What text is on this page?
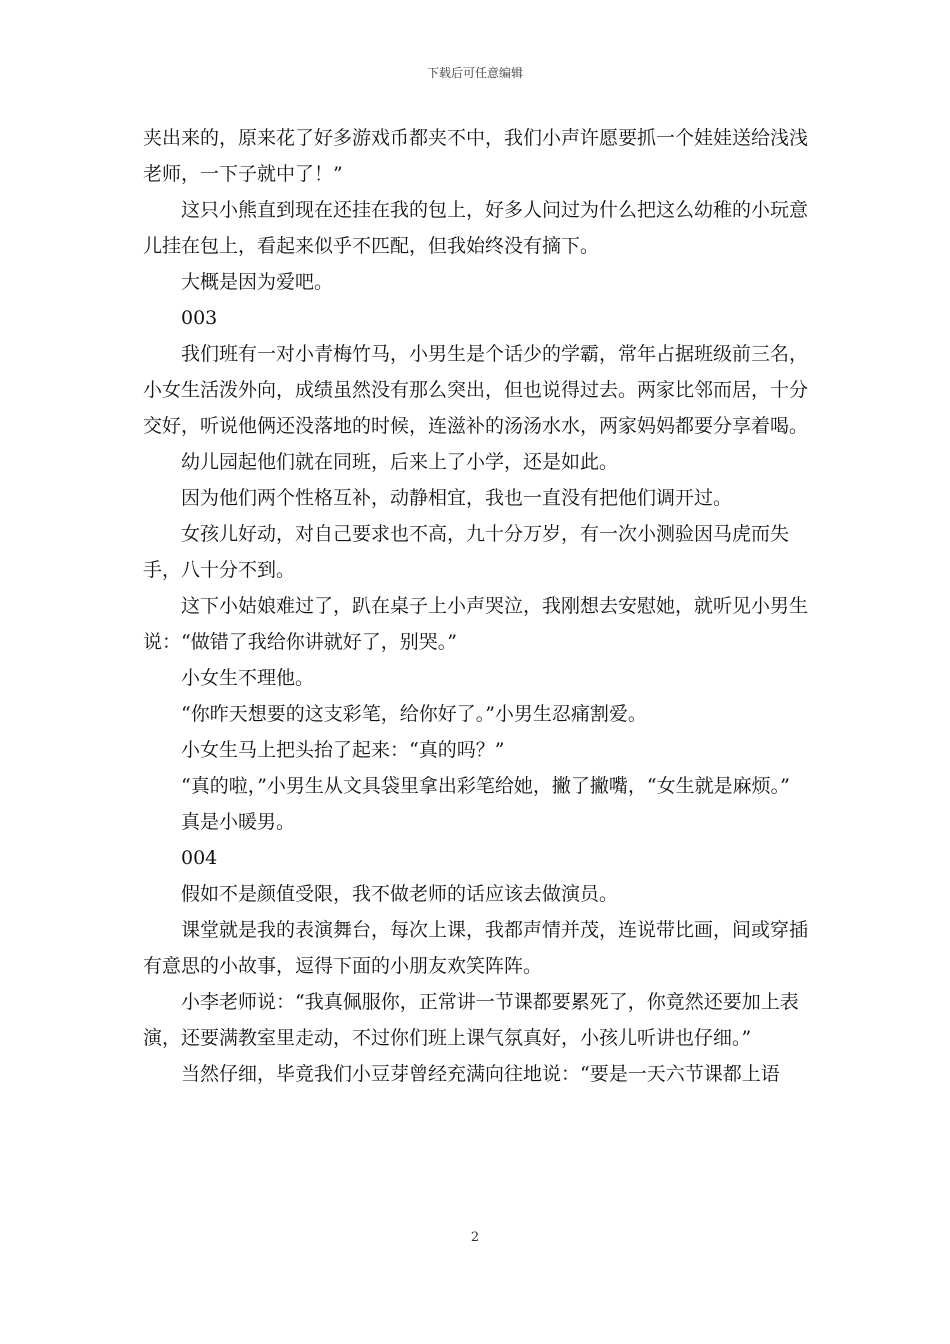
下载后可任意编辑

夹出来的，原来花了好多游戏币都夹不中，我们小声许愿要抓一个娃娃送给浅浅老师，一下子就中了！”

这只小熊直到现在还挂在我的包上，好多人问过为什么把这么幼稚的小玩意儿挂在包上，看起来似乎不匹配，但我始终没有摘下。

大概是因为爱吧。

003

我们班有一对小青梅竹马，小男生是个话少的学霸，常年占据班级前三名，小女生活泼外向，成绩虽然没有那么突出，但也说得过去。两家比邻而居，十分交好，听说他俩还没落地的时候，连滋补的汤汤水水，两家妈妈都要分享着喝。

幼儿园起他们就在同班，后来上了小学，还是如此。

因为他们两个性格互补，动静相宜，我也一直没有把他们调开过。

女孩儿好动，对自己要求也不高，九十分万岁，有一次小测验因马虎而失手，八十分不到。

这下小姑娘难过了，趴在桌子上小声哭泣，我刚想去安慰她，就听见小男生说：“做错了我给你讲就好了，别哭。”

小女生不理他。

“你昨天想要的这支彩笔，给你好了。”小男生忍痛割爱。

小女生马上把头抬了起来：“真的吗？”

“真的啦，”小男生从文具袋里拿出彩笔给她，撇了撇嘴，“女生就是麻烦。”

真是小暖男。

004

假如不是颜值受限，我不做老师的话应该去做演员。

课堂就是我的表演舞台，每次上课，我都声情并茂，连说带比画，间或穿插有意思的小故事，逗得下面的小朋友欢笑阵阵。

小李老师说：“我真佩服你，正常讲一节课都要累死了，你竟然还要加上表演，还要满教室里走动，不过你们班上课气氛真好，小孩儿听讲也仔细。”

当然仔细，毕竟我们小豆芽曾经充满向往地说：“要是一天六节课都上语

2
